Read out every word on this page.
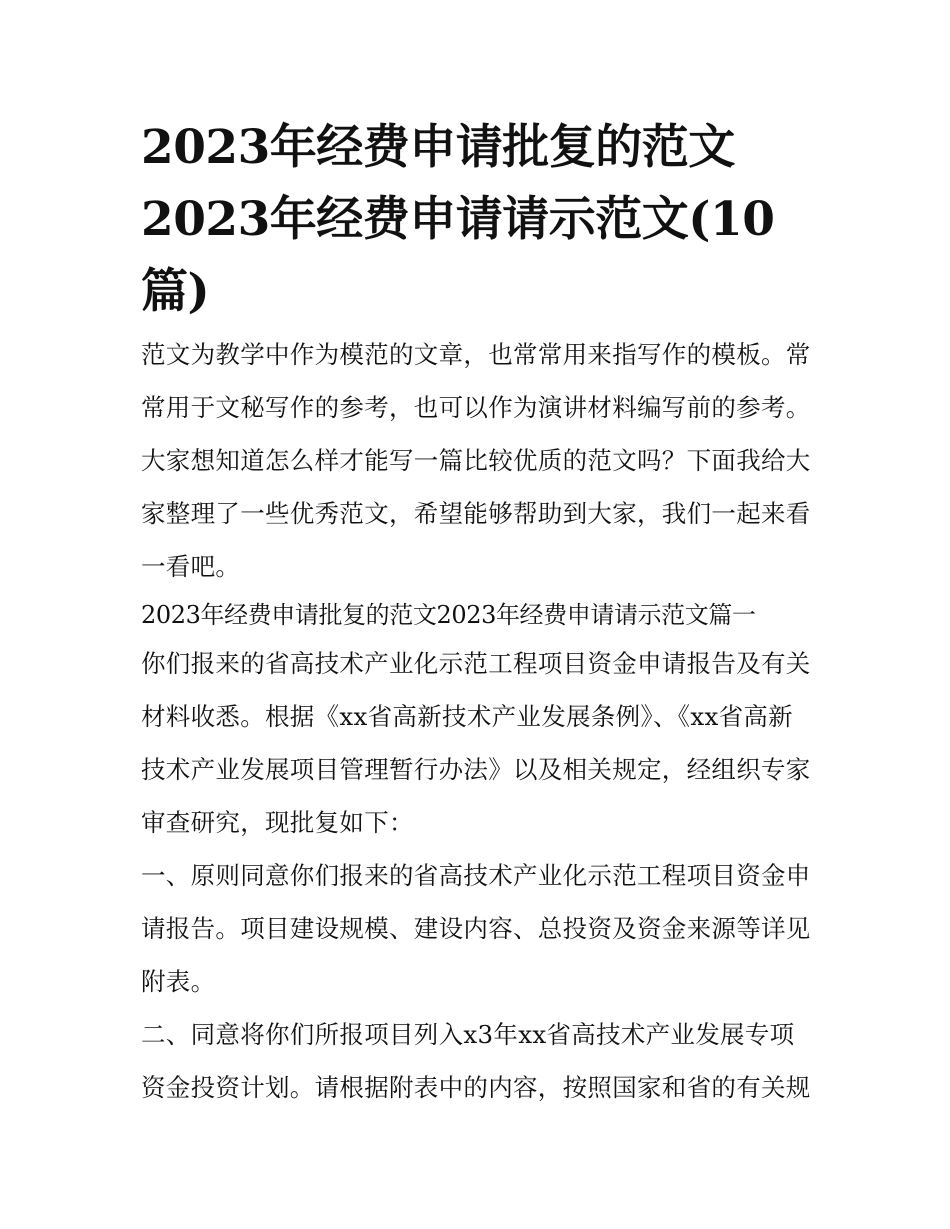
2023年经费申请批复的范文
2023年经费申请请示范文(10
篇)

范文为教学中作为模范的文章，也常常用来指写作的模板。常常用于文秘写作的参考，也可以作为演讲材料编写前的参考。大家想知道怎么样才能写一篇比较优质的范文吗？下面我给大家整理了一些优秀范文，希望能够帮助到大家，我们一起来看一看吧。

2023年经费申请批复的范文2023年经费申请请示范文篇一

你们报来的省高技术产业化示范工程项目资金申请报告及有关材料收悉。根据《xx省高新技术产业发展条例》、《xx省高新技术产业发展项目管理暂行办法》以及相关规定，经组织专家审查研究，现批复如下：

一、原则同意你们报来的省高技术产业化示范工程项目资金申请报告。项目建设规模、建设内容、总投资及资金来源等详见附表。

二、同意将你们所报项目列入x3年xx省高技术产业发展专项资金投资计划。请根据附表中的内容，按照国家和省的有关规
